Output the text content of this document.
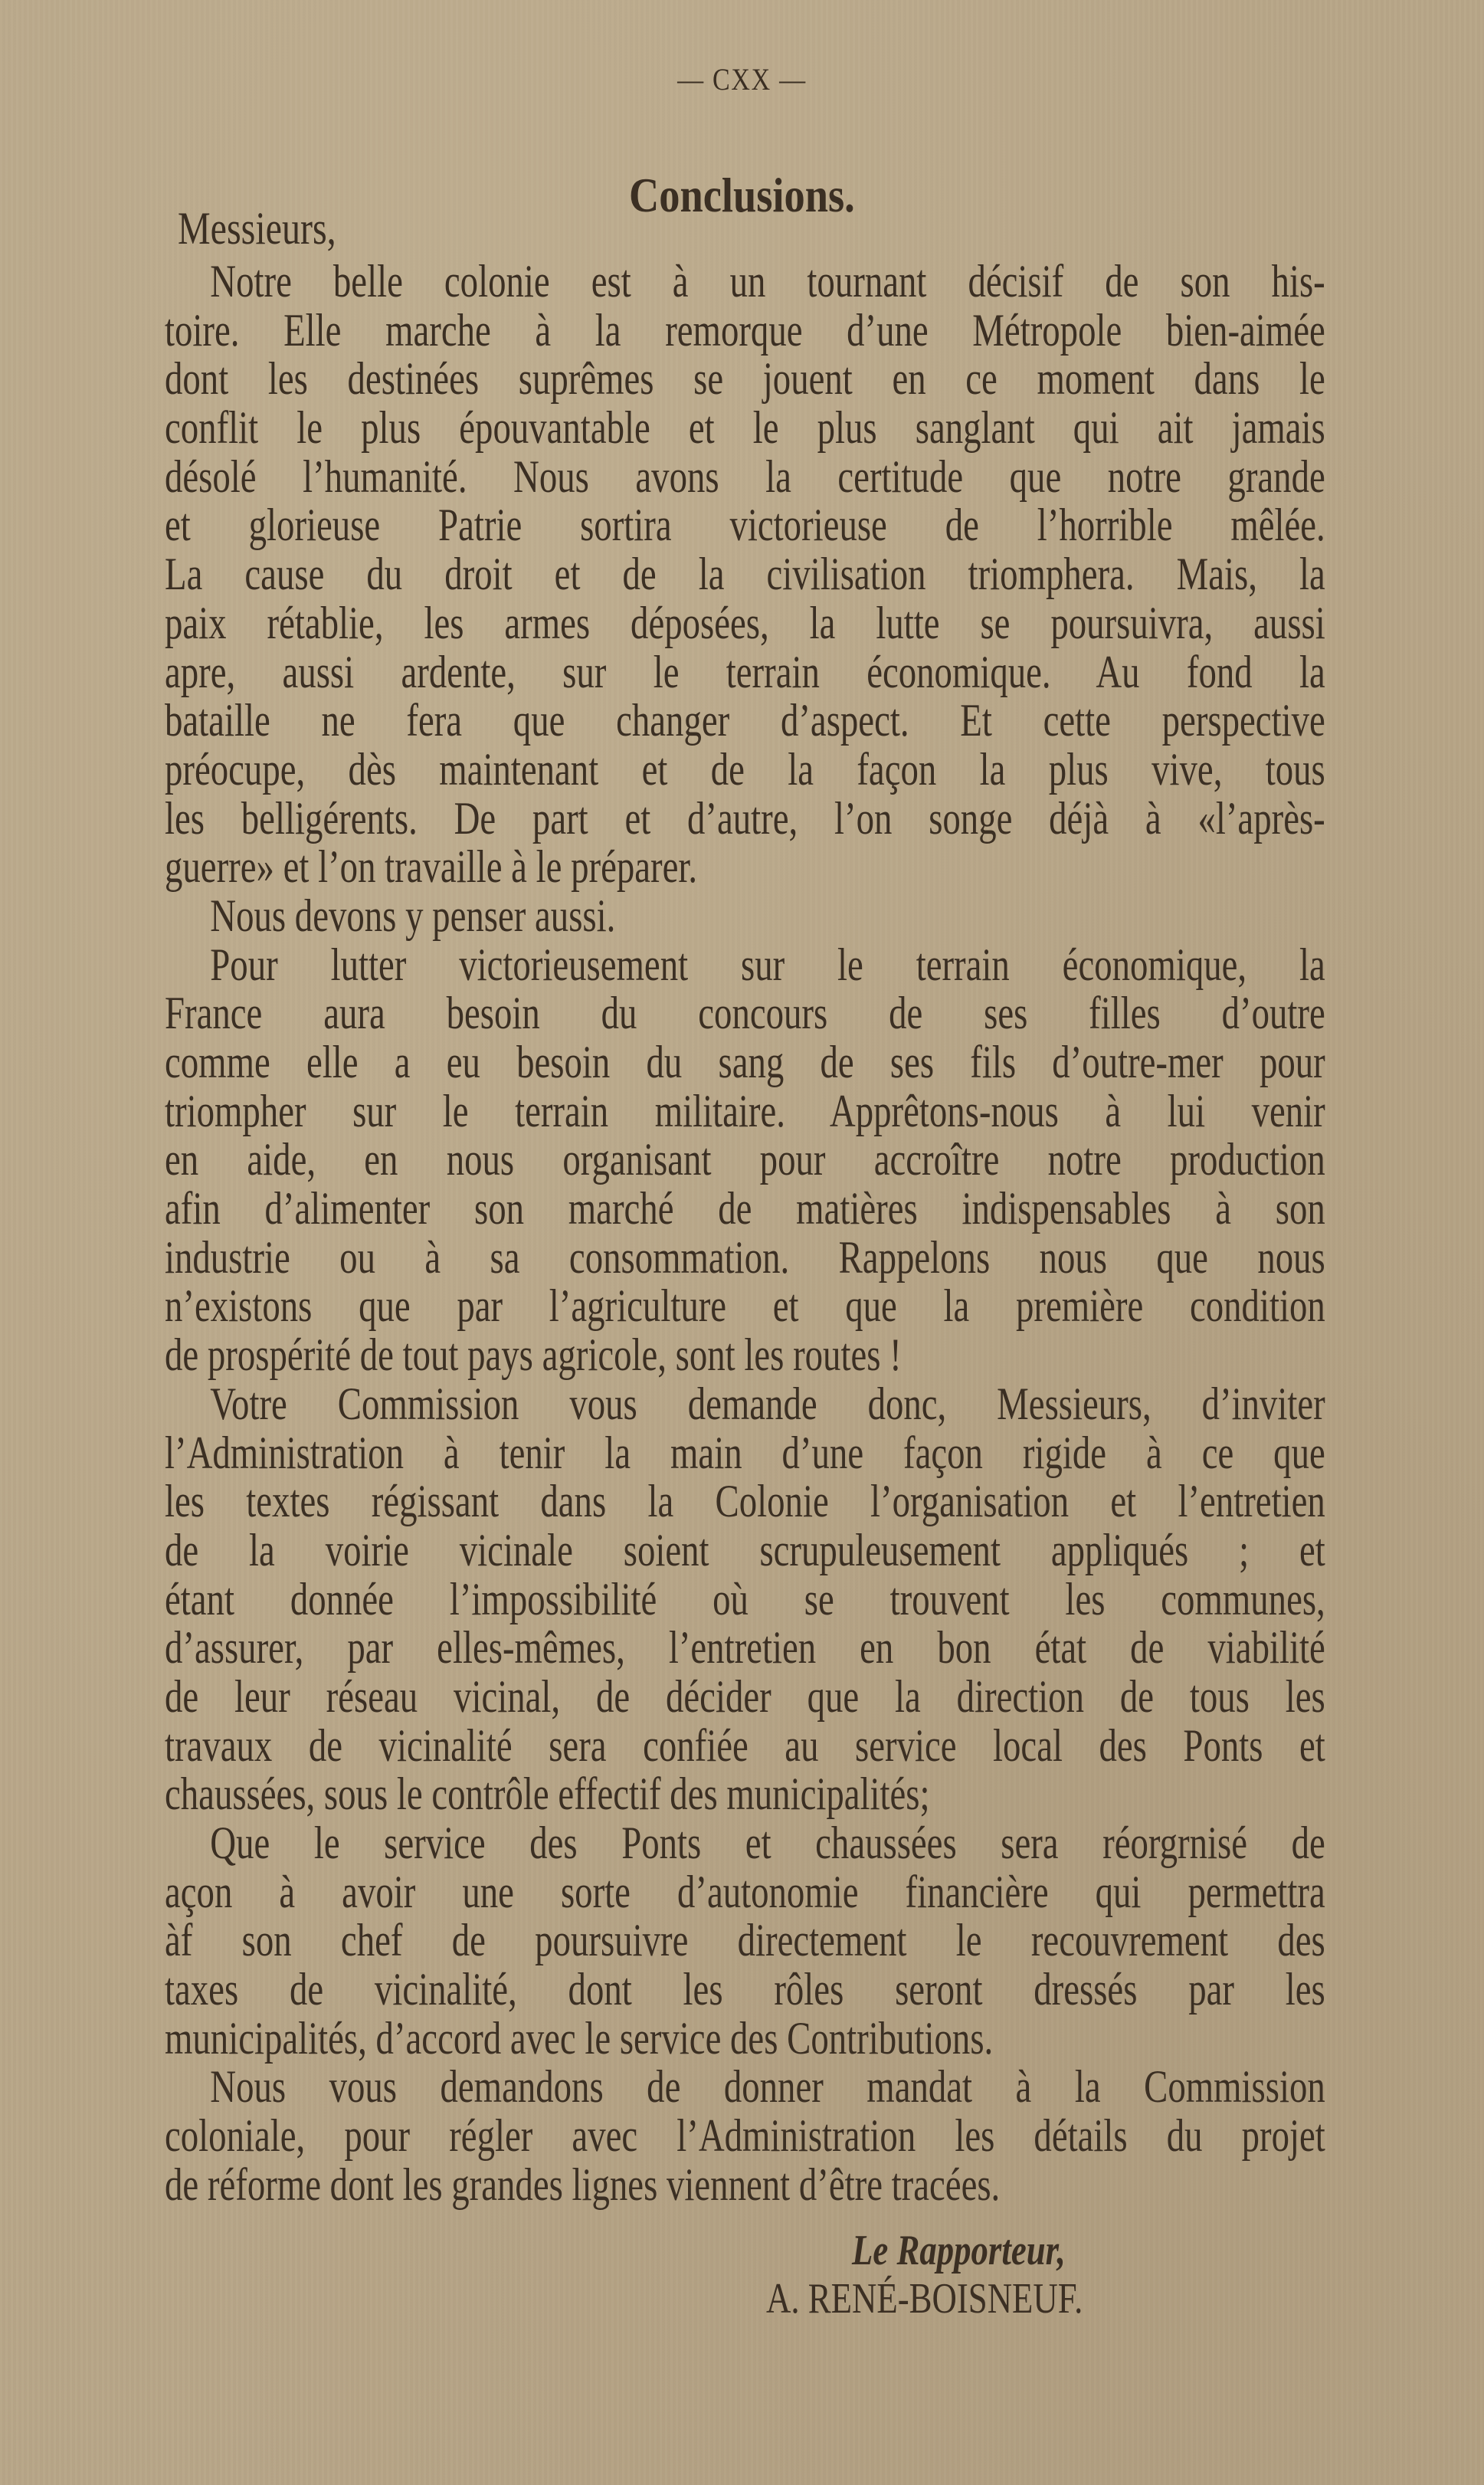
— CXX —
Conclusions.
Messieurs,
Notre belle colonie est à un tournant décisif de son his-
toire. Elle marche à la remorque d’une Métropole bien-aimée
dont les destinées suprêmes se jouent en ce moment dans le
conflit le plus épouvantable et le plus sanglant qui ait jamais
désolé l’humanité. Nous avons la certitude que notre grande
et glorieuse Patrie sortira victorieuse de l’horrible mêlée.
La cause du droit et de la civilisation triomphera. Mais, la
paix rétablie, les armes déposées, la lutte se poursuivra, aussi
apre, aussi ardente, sur le terrain économique. Au fond la
bataille ne fera que changer d’aspect. Et cette perspective
préocupe, dès maintenant et de la façon la plus vive, tous
les belligérents. De part et d’autre, l’on songe déjà à «l’après-
guerre» et l’on travaille à le préparer.
Nous devons y penser aussi.
Pour lutter victorieusement sur le terrain économique, la
France aura besoin du concours de ses filles d’outre
comme elle a eu besoin du sang de ses fils d’outre-mer pour
triompher sur le terrain militaire. Apprêtons-nous à lui venir
en aide, en nous organisant pour accroître notre production
afin d’alimenter son marché de matières indispensables à son
industrie ou à sa consommation. Rappelons nous que nous
n’existons que par l’agriculture et que la première condition
de prospérité de tout pays agricole, sont les routes !
Votre Commission vous demande donc, Messieurs, d’inviter
l’Administration à tenir la main d’une façon rigide à ce que
les textes régissant dans la Colonie l’organisation et l’entretien
de la voirie vicinale soient scrupuleusement appliqués ; et
étant donnée l’impossibilité où se trouvent les communes,
d’assurer, par elles-mêmes, l’entretien en bon état de viabilité
de leur réseau vicinal, de décider que la direction de tous les
travaux de vicinalité sera confiée au service local des Ponts et
chaussées, sous le contrôle effectif des municipalités;
Que le service des Ponts et chaussées sera réorgrnisé de
açon à avoir une sorte d’autonomie financière qui permettra
àf son chef de poursuivre directement le recouvrement des
taxes de vicinalité, dont les rôles seront dressés par les
municipalités, d’accord avec le service des Contributions.
Nous vous demandons de donner mandat à la Commission
coloniale, pour régler avec l’Administration les détails du projet
de réforme dont les grandes lignes viennent d’être tracées.
Le Rapporteur,
A. RENÉ-BOISNEUF.
